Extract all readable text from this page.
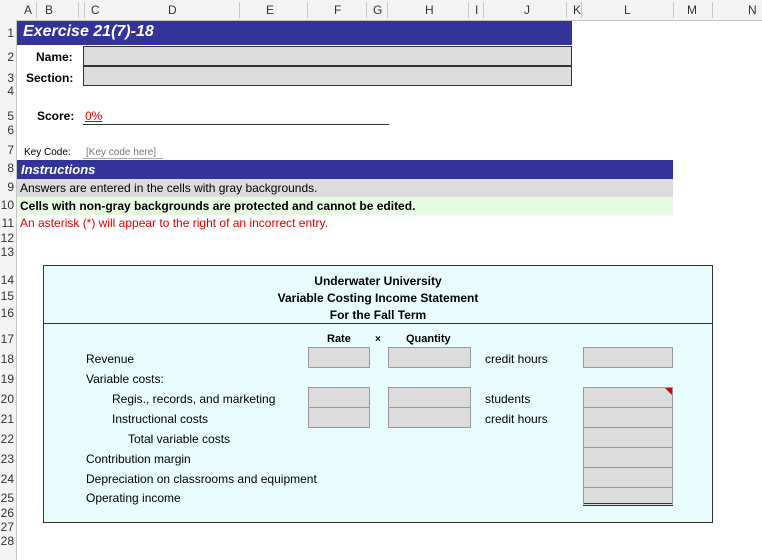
A B	C	D	E	F	G	H	I	J	K	L	M	N
1
2
3
4
5
6
7
8
9
10
11
12
13
14
15
16
17
18
19
20
21
22
23
24
25
26
27
28
Exercise 21(7)-18
Name:
Section:
Score: 0%
Key Code: [Key code here]
Instructions
Answers are entered in the cells with gray backgrounds.
Cells with non-gray backgrounds are protected and cannot be edited.
An asterisk (*) will appear to the right of an incorrect entry.
Underwater University
Variable Costing Income Statement
For the Fall Term
Rate × Quantity
Revenue	credit hours
Variable costs:
Regis., records, and marketing	students
Instructional costs	credit hours
Total variable costs
Contribution margin
Depreciation on classrooms and equipment
Operating income
